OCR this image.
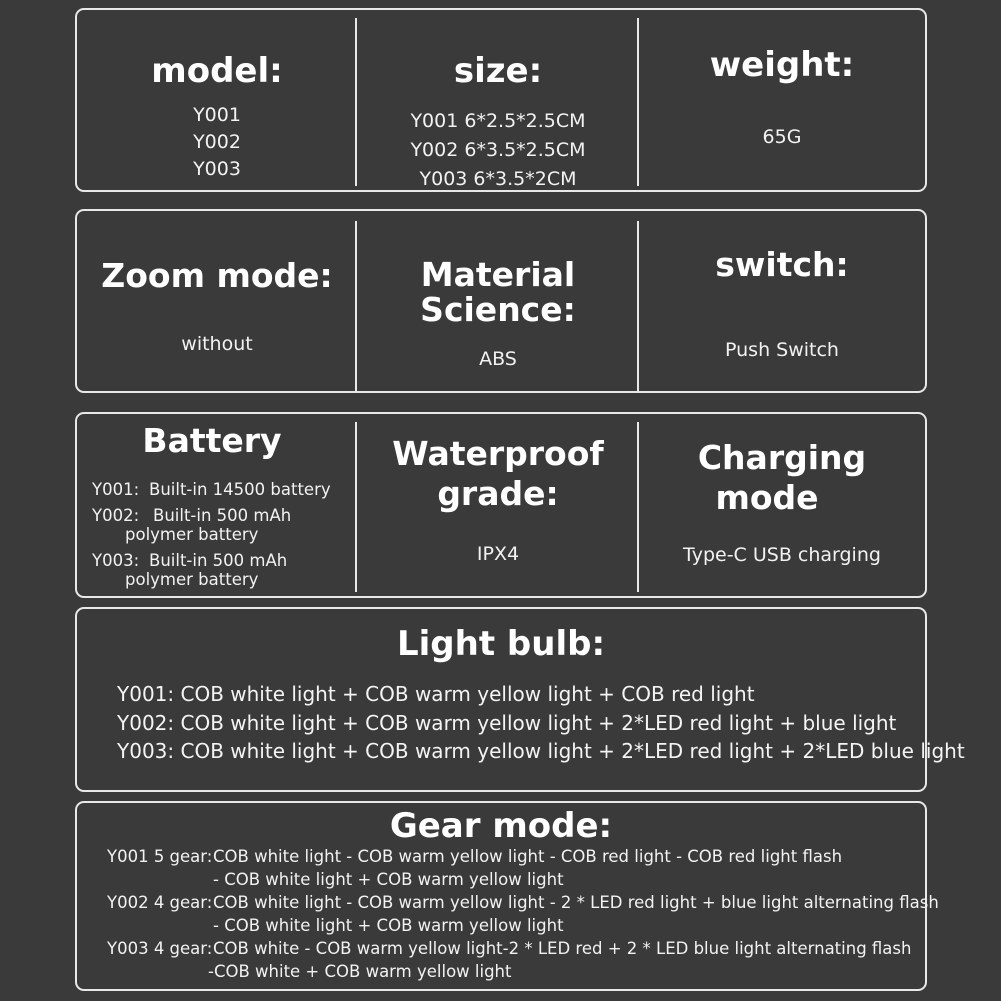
model:
Y001
Y002
Y003
size:
Y001 6*2.5*2.5CM
Y002 6*3.5*2.5CM
Y003 6*3.5*2CM
weight:
65G
Zoom mode:
without
Material
Science:
ABS
switch:
Push Switch
Battery
Y001: Built-in 14500 battery
Y002: Built-in 500 mAh
polymer battery
Y003: Built-in 500 mAh
polymer battery
Waterproof
grade:
IPX4
Charging
mode
Type-C USB charging
Light bulb:
Y001: COB white light + COB warm yellow light + COB red light
Y002: COB white light + COB warm yellow light + 2*LED red light + blue light
Y003: COB white light + COB warm yellow light + 2*LED red light + 2*LED blue light
Gear mode:
Y001 5 gear: COB white light - COB warm yellow light - COB red light - COB red light flash
- COB white light + COB warm yellow light
Y002 4 gear: COB white light - COB warm yellow light - 2 * LED red light + blue light alternating flash
- COB white light + COB warm yellow light
Y003 4 gear: COB white - COB warm yellow light-2 * LED red + 2 * LED blue light alternating flash
-COB white + COB warm yellow light
